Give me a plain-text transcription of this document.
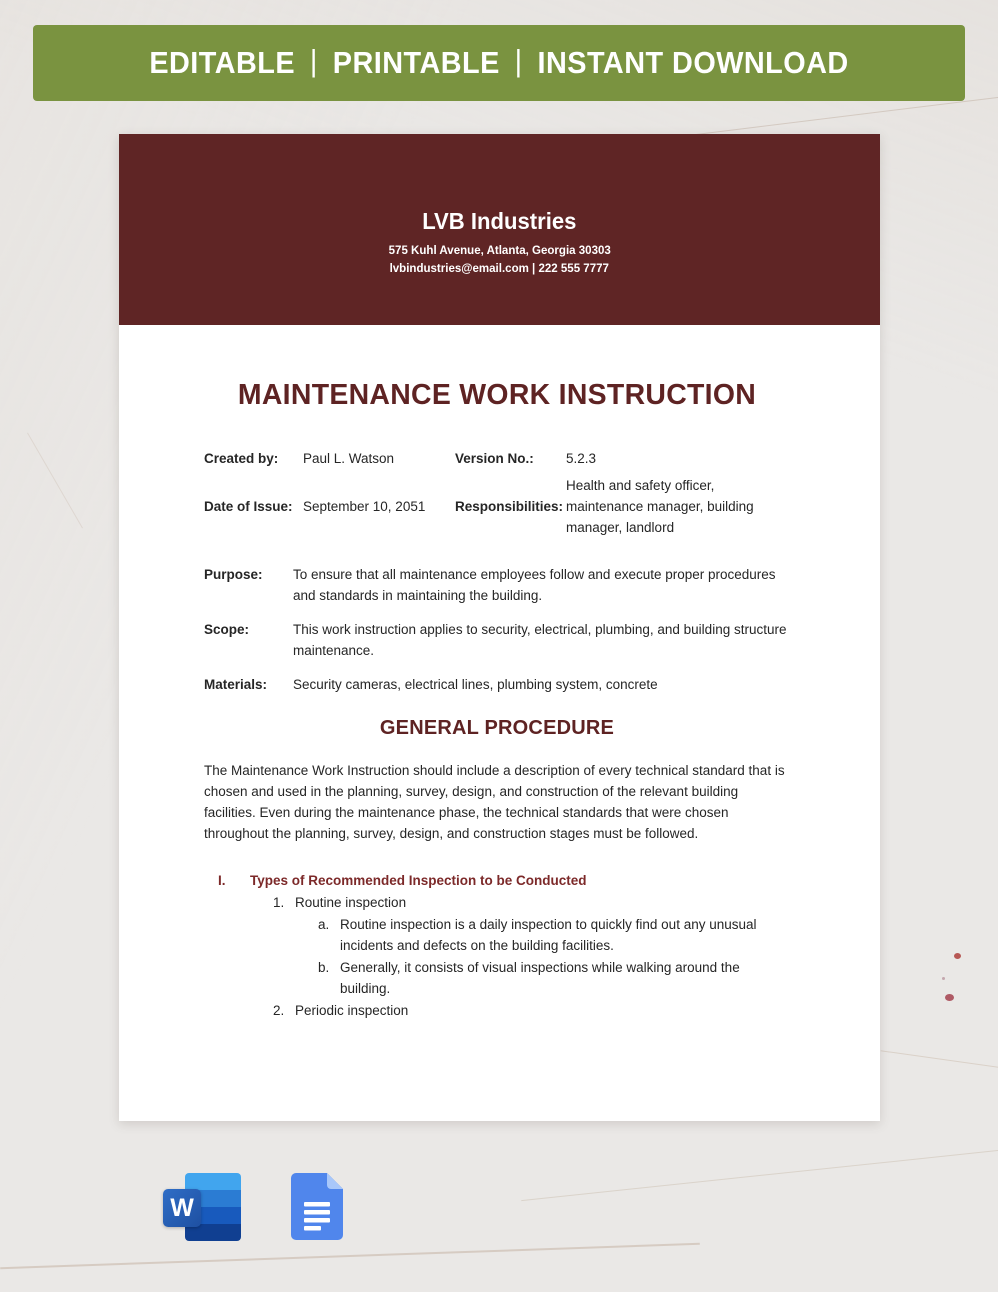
EDITABLE | PRINTABLE | INSTANT DOWNLOAD
LVB Industries
575 Kuhl Avenue, Atlanta, Georgia 30303
lvbindustries@email.com | 222 555 7777
MAINTENANCE WORK INSTRUCTION
Created by:	Paul L. Watson	Version No.:	5.2.3
Date of Issue: September 10, 2051	Responsibilities:
Health and safety officer, maintenance manager, building manager, landlord
Purpose:	To ensure that all maintenance employees follow and execute proper procedures and standards in maintaining the building.
Scope:	This work instruction applies to security, electrical, plumbing, and building structure maintenance.
Materials:	Security cameras, electrical lines, plumbing system, concrete
GENERAL PROCEDURE
The Maintenance Work Instruction should include a description of every technical standard that is chosen and used in the planning, survey, design, and construction of the relevant building facilities. Even during the maintenance phase, the technical standards that were chosen throughout the planning, survey, design, and construction stages must be followed.
I.	Types of Recommended Inspection to be Conducted
1. Routine inspection
a. Routine inspection is a daily inspection to quickly find out any unusual incidents and defects on the building facilities.
b. Generally, it consists of visual inspections while walking around the building.
2. Periodic inspection
W
